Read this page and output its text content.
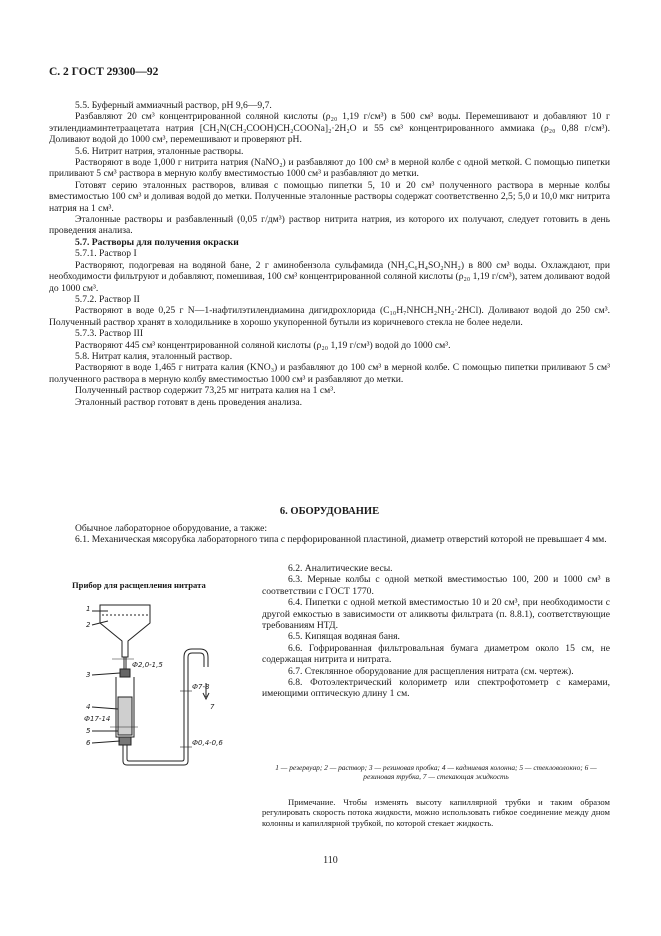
С. 2 ГОСТ 29300—92

5.5. Буферный аммиачный раствор, рН 9,6—9,7.

Разбавляют 20 см³ концентрированной соляной кислоты (ρ₂₀ 1,19 г/см³) в 500 см³ воды. Перемешивают и добавляют 10 г этилендиаминтетраацетата натрия [CH₂N(CH₂COOH)CH₂COONa]₂·2H₂O и 55 см³ концентрированного аммиака (ρ₂₀ 0,88 г/см³). Доливают водой до 1000 см³, перемешивают и проверяют рН.

5.6. Нитрит натрия, эталонные растворы.

Растворяют в воде 1,000 г нитрита натрия (NaNO₂) и разбавляют до 100 см³ в мерной колбе с одной меткой. С помощью пипетки приливают 5 см³ раствора в мерную колбу вместимостью 1000 см³ и разбавляют до метки.

Готовят серию эталонных растворов, вливая с помощью пипетки 5, 10 и 20 см³ полученного раствора в мерные колбы вместимостью 100 см³ и доливая водой до метки. Полученные эталонные растворы содержат соответственно 2,5; 5,0 и 10,0 мкг нитрита натрия на 1 см³.

Эталонные растворы и разбавленный (0,05 г/дм³) раствор нитрита натрия, из которого их получают, следует готовить в день проведения анализа.

5.7. Растворы для получения окраски

5.7.1. Раствор I

Растворяют, подогревая на водяной бане, 2 г аминобензола сульфамида (NH₂C₆H₄SO₂NH₂) в 800 см³ воды. Охлаждают, при необходимости фильтруют и добавляют, помешивая, 100 см³ концентрированной соляной кислоты (ρ₂₀ 1,19 г/см³), затем доливают водой до 1000 см³.

5.7.2. Раствор II

Растворяют в воде 0,25 г N—1-нафтилэтилендиамина дигидрохлорида (C₁₀H₇NHCH₂NH₂·2HCl). Доливают водой до 250 см³. Полученный раствор хранят в холодильнике в хорошо укупоренной бутыли из коричневого стекла не более недели.

5.7.3. Раствор III

Растворяют 445 см³ концентрированной соляной кислоты (ρ₂₀ 1,19 г/см³) водой до 1000 см³.

5.8. Нитрат калия, эталонный раствор.

Растворяют в воде 1,465 г нитрата калия (KNO₃) и разбавляют до 100 см³ в мерной колбе. С помощью пипетки приливают 5 см³ полученного раствора в мерную колбу вместимостью 1000 см³ и разбавляют до метки.

Полученный раствор содержит 73,25 мг нитрата калия на 1 см³.

Эталонный раствор готовят в день проведения анализа.

6. ОБОРУДОВАНИЕ

Обычное лабораторное оборудование, а также:

6.1. Механическая мясорубка лабораторного типа с перфорированной пластиной, диаметр отверстий которой не превышает 4 мм.

Прибор для расщепления нитрата
1
2
3
4
5
6
7
Ф2,0-1,5
Ф17-14
Ф7-8
Ф0,4-0,6

6.2. Аналитические весы.

6.3. Мерные колбы с одной меткой вместимостью 100, 200 и 1000 см³ в соответствии с ГОСТ 1770.

6.4. Пипетки с одной меткой вместимостью 10 и 20 см³, при необходимости с другой емкостью в зависимости от аликвоты фильтрата (п. 8.8.1), соответствующие требованиям НТД.

6.5. Кипящая водяная баня.

6.6. Гофрированная фильтровальная бумага диаметром около 15 см, не содержащая нитрита и нитрата.

6.7. Стеклянное оборудование для расщепления нитрата (см. чертеж).

6.8. Фотоэлектрический колориметр или спектрофотометр с камерами, имеющими оптическую длину 1 см.

1 — резервуар; 2 — раствор; 3 — резиновая пробка; 4 — кадмиевая колонна; 5 — стекловолокно; 6 — резиновая трубка, 7 — стекающая жидкость
Примечание. Чтобы изменять высоту капиллярной трубки и таким образом регулировать скорость потока жидкости, можно использовать гибкое соединение между дном колонны и капиллярной трубкой, по которой стекает жидкость.
110
